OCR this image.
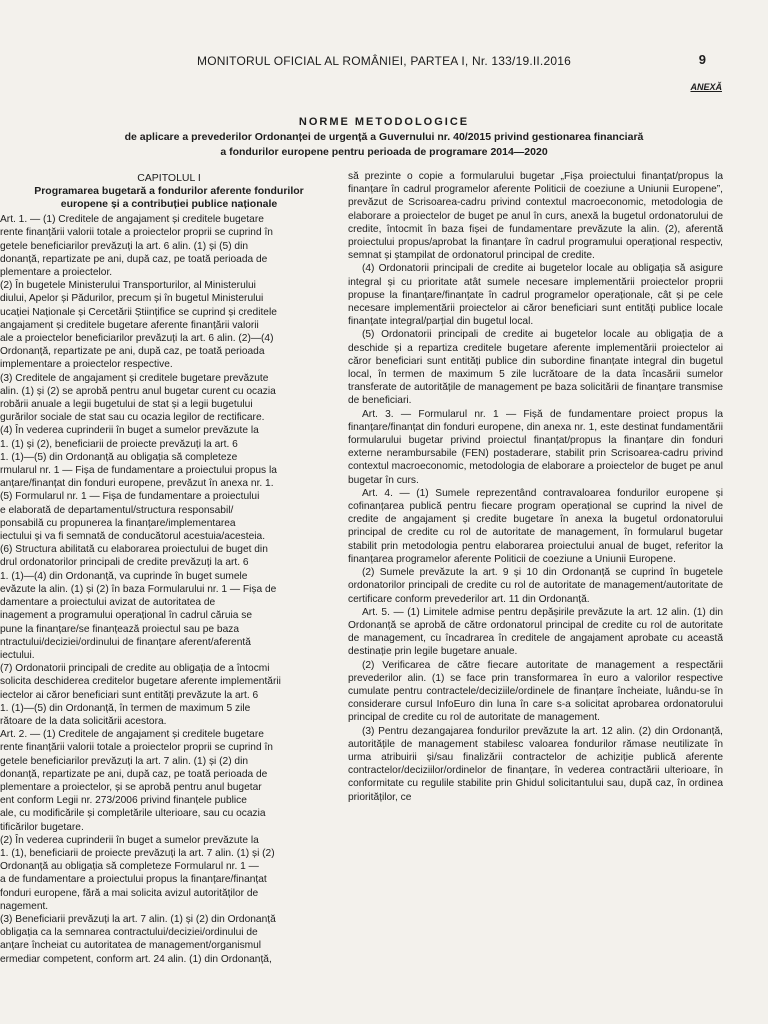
MONITORUL OFICIAL AL ROMÂNIEI, PARTEA I, Nr. 133/19.II.2016	9
ANEXĂ
NORME METODOLOGICE
de aplicare a prevederilor Ordonanței de urgență a Guvernului nr. 40/2015 privind gestionarea financiară
a fondurilor europene pentru perioada de programare 2014—2020
CAPITOLUL I
Programarea bugetară a fondurilor aferente fondurilor
europene și a contribuției publice naționale

Art. 1. — (1) Creditele de angajament și creditele bugetare

rente finanțării valorii totale a proiectelor proprii se cuprind în

getele beneficiarilor prevăzuți la art. 6 alin. (1) și (5) din

donanță, repartizate pe ani, după caz, pe toată perioada de

plementare a proiectelor.

(2) În bugetele Ministerului Transporturilor, al Ministerului

diului, Apelor și Pădurilor, precum și în bugetul Ministerului

ucației Naționale și Cercetării Științifice se cuprind și creditele

angajament și creditele bugetare aferente finanțării valorii

ale a proiectelor beneficiarilor prevăzuți la art. 6 alin. (2)—(4)

Ordonanță, repartizate pe ani, după caz, pe toată perioada

implementare a proiectelor respective.

(3) Creditele de angajament și creditele bugetare prevăzute

alin. (1) și (2) se aprobă pentru anul bugetar curent cu ocazia

robării anuale a legii bugetului de stat și a legii bugetului

gurărilor sociale de stat sau cu ocazia legilor de rectificare.

(4) În vederea cuprinderii în buget a sumelor prevăzute la

1. (1) și (2), beneficiarii de proiecte prevăzuți la art. 6

1. (1)—(5) din Ordonanță au obligația să completeze

rmularul nr. 1 — Fișa de fundamentare a proiectului propus la

anțare/finanțat din fonduri europene, prevăzut în anexa nr. 1.

(5) Formularul nr. 1 — Fișa de fundamentare a proiectului

e elaborată de departamentul/structura responsabil/

ponsabilă cu propunerea la finanțare/implementarea

iectului și va fi semnată de conducătorul acestuia/acesteia.

(6) Structura abilitată cu elaborarea proiectului de buget din

drul ordonatorilor principali de credite prevăzuți la art. 6

1. (1)—(4) din Ordonanță, va cuprinde în buget sumele

evăzute la alin. (1) și (2) în baza Formularului nr. 1 — Fișa de

damentare a proiectului avizat de autoritatea de

inagement a programului operațional în cadrul căruia se

pune la finanțare/se finanțează proiectul sau pe baza

ntractului/deciziei/ordinului de finanțare aferent/aferentă

iectului.

(7) Ordonatorii principali de credite au obligația de a întocmi

solicita deschiderea creditelor bugetare aferente implementării

iectelor ai căror beneficiari sunt entități prevăzute la art. 6

1. (1)—(5) din Ordonanță, în termen de maximum 5 zile

rătoare de la data solicitării acestora.

Art. 2. — (1) Creditele de angajament și creditele bugetare

rente finanțării valorii totale a proiectelor proprii se cuprind în

getele beneficiarilor prevăzuți la art. 7 alin. (1) și (2) din

donanță, repartizate pe ani, după caz, pe toată perioada de

plementare a proiectelor, și se aprobă pentru anul bugetar

ent conform Legii nr. 273/2006 privind finanțele publice

ale, cu modificările și completările ulterioare, sau cu ocazia

tificărilor bugetare.

(2) În vederea cuprinderii în buget a sumelor prevăzute la

1. (1), beneficiarii de proiecte prevăzuți la art. 7 alin. (1) și (2)

Ordonanță au obligația să completeze Formularul nr. 1 —

a de fundamentare a proiectului propus la finanțare/finanțat

fonduri europene, fără a mai solicita avizul autorităților de

nagement.

(3) Beneficiarii prevăzuți la art. 7 alin. (1) și (2) din Ordonanță

obligația ca la semnarea contractului/deciziei/ordinului de

anțare încheiat cu autoritatea de management/organismul

ermediar competent, conform art. 24 alin. (1) din Ordonanță,

să prezinte o copie a formularului bugetar „Fișa proiectului finanțat/propus la finanțare în cadrul programelor aferente Politicii de coeziune a Uniunii Europene”, prevăzut de Scrisoarea-cadru privind contextul macroeconomic, metodologia de elaborare a proiectelor de buget pe anul în curs, anexă la bugetul ordonatorului de credite, întocmit în baza fișei de fundamentare prevăzute la alin. (2), aferentă proiectului propus/aprobat la finanțare în cadrul programului operațional respectiv, semnat și ștampilat de ordonatorul principal de credite.

(4) Ordonatorii principali de credite ai bugetelor locale au obligația să asigure integral și cu prioritate atât sumele necesare implementării proiectelor proprii propuse la finanțare/finanțate în cadrul programelor operaționale, cât și pe cele necesare implementării proiectelor ai căror beneficiari sunt entități publice locale finanțate integral/parțial din bugetul local.

(5) Ordonatorii principali de credite ai bugetelor locale au obligația de a deschide și a repartiza creditele bugetare aferente implementării proiectelor ai căror beneficiari sunt entități publice din subordine finanțate integral din bugetul local, în termen de maximum 5 zile lucrătoare de la data încasării sumelor transferate de autoritățile de management pe baza solicitării de finanțare transmise de beneficiari.

Art. 3. — Formularul nr. 1 — Fișă de fundamentare proiect propus la finanțare/finanțat din fonduri europene, din anexa nr. 1, este destinat fundamentării formularului bugetar privind proiectul finanțat/propus la finanțare din fonduri externe nerambursabile (FEN) postaderare, stabilit prin Scrisoarea-cadru privind contextul macroeconomic, metodologia de elaborare a proiectelor de buget pe anul bugetar în curs.

Art. 4. — (1) Sumele reprezentând contravaloarea fondurilor europene și cofinanțarea publică pentru fiecare program operațional se cuprind la nivel de credite de angajament și credite bugetare în anexa la bugetul ordonatorului principal de credite cu rol de autoritate de management, în formularul bugetar stabilit prin metodologia pentru elaborarea proiectului anual de buget, referitor la finanțarea programelor aferente Politicii de coeziune a Uniunii Europene.

(2) Sumele prevăzute la art. 9 și 10 din Ordonanță se cuprind în bugetele ordonatorilor principali de credite cu rol de autoritate de management/autoritate de certificare conform prevederilor art. 11 din Ordonanță.

Art. 5. — (1) Limitele admise pentru depășirile prevăzute la art. 12 alin. (1) din Ordonanță se aprobă de către ordonatorul principal de credite cu rol de autoritate de management, cu încadrarea în creditele de angajament aprobate cu această destinație prin legile bugetare anuale.

(2) Verificarea de către fiecare autoritate de management a respectării prevederilor alin. (1) se face prin transformarea în euro a valorilor respective cumulate pentru contractele/deciziile/ordinele de finanțare încheiate, luându-se în considerare cursul InfoEuro din luna în care s-a solicitat aprobarea ordonatorului principal de credite cu rol de autoritate de management.

(3) Pentru dezangajarea fondurilor prevăzute la art. 12 alin. (2) din Ordonanță, autoritățile de management stabilesc valoarea fondurilor rămase neutilizate în urma atribuirii și/sau finalizării contractelor de achiziție publică aferente contractelor/deciziilor/ordinelor de finanțare, în vederea contractării ulterioare, în conformitate cu regulile stabilite prin Ghidul solicitantului sau, după caz, în ordinea priorităților, ce
